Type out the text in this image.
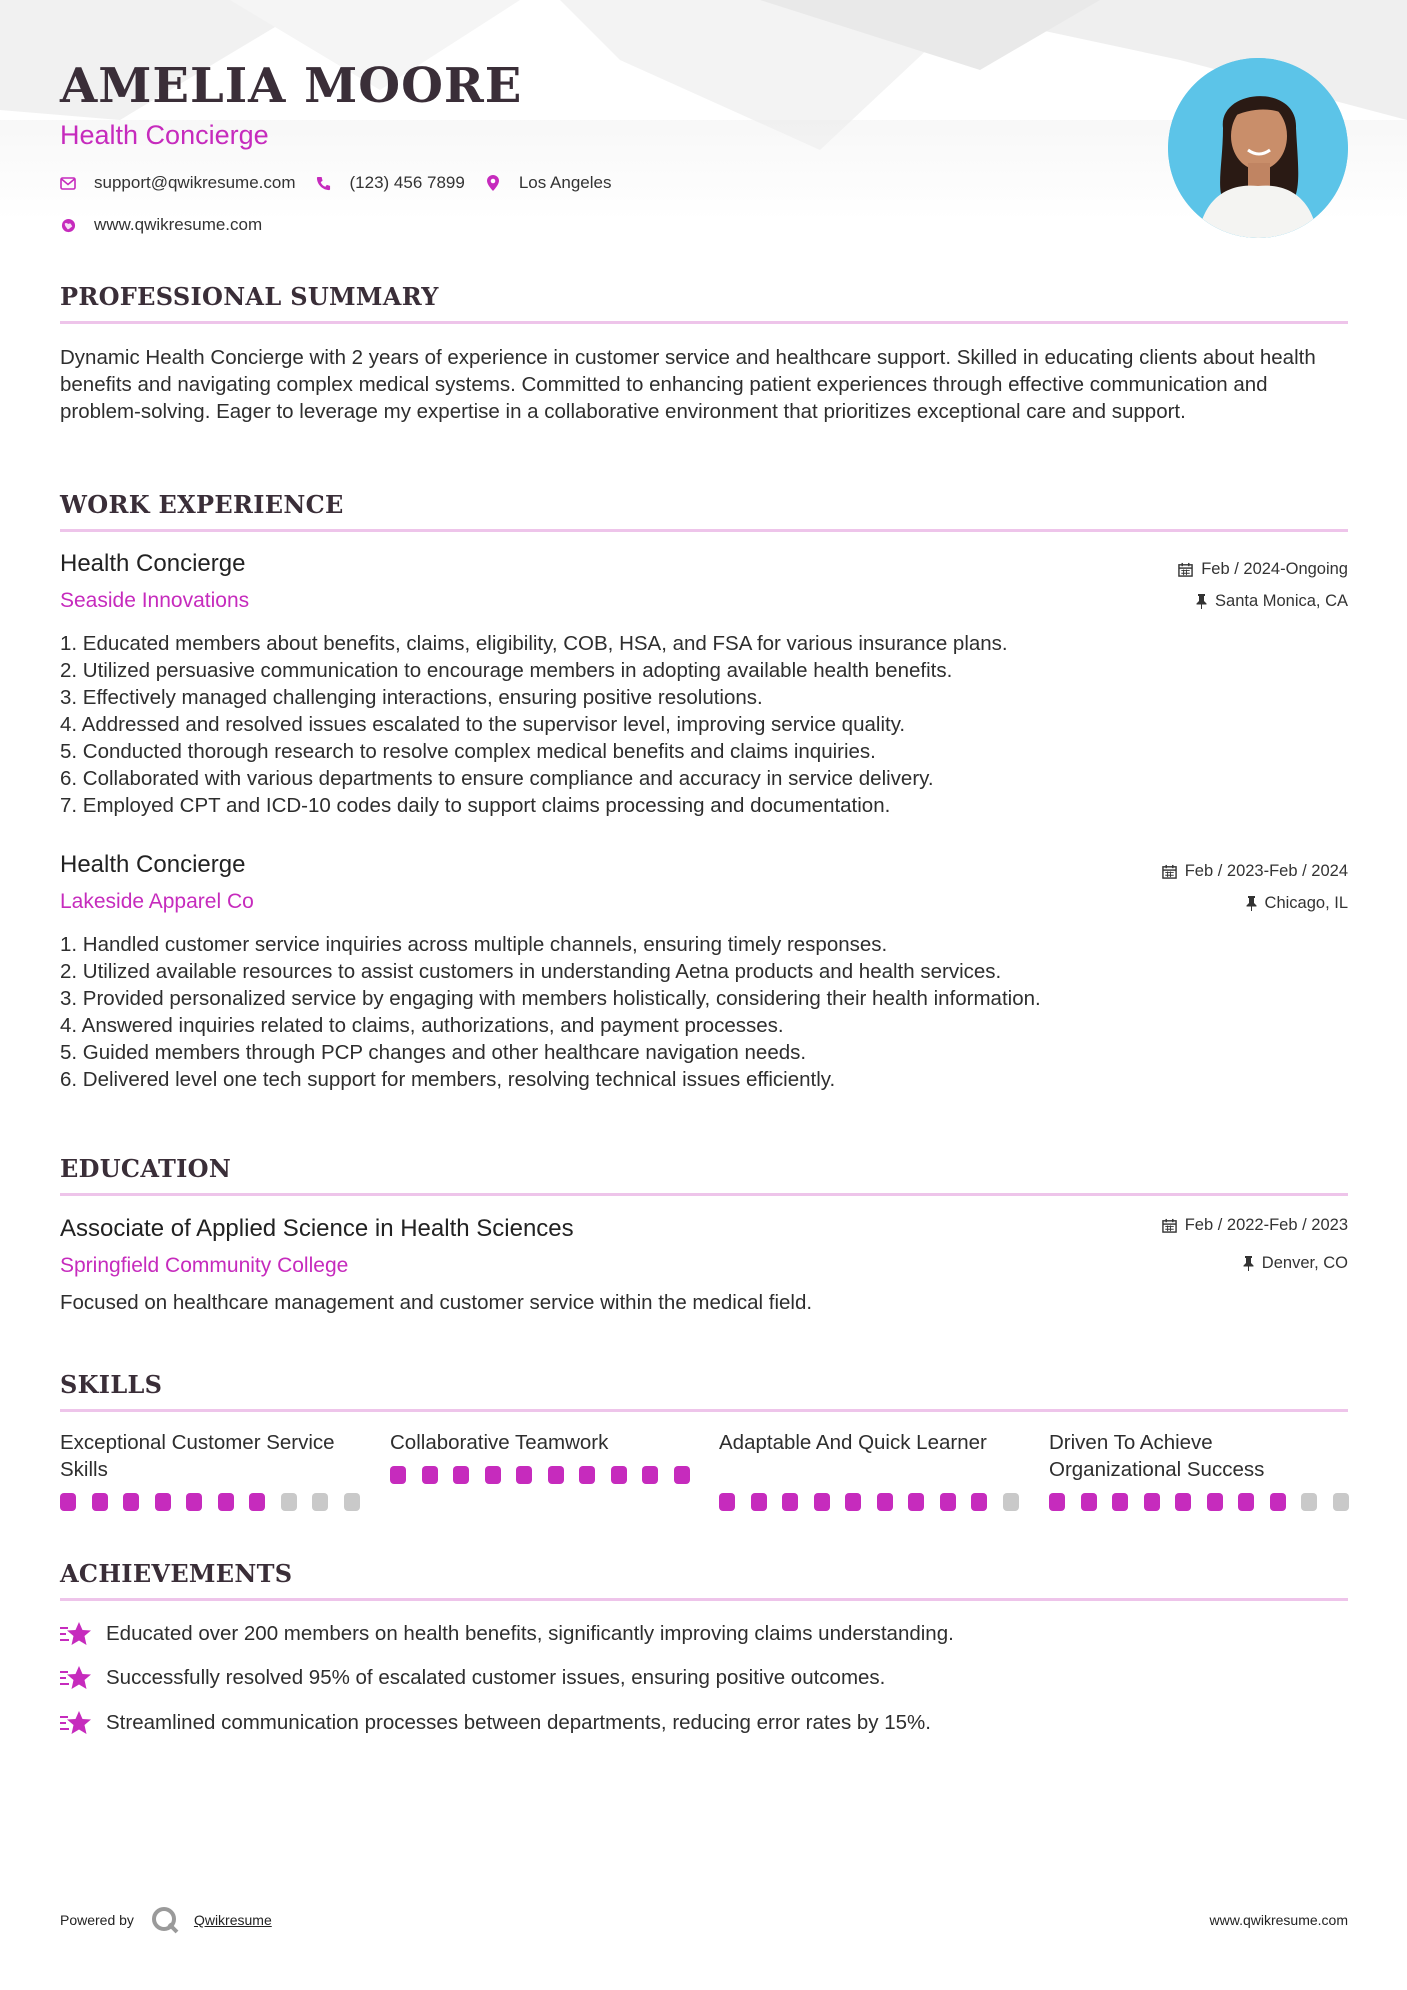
AMELIA MOORE
Health Concierge
support@qwikresume.com	(123) 456 7899	Los Angeles
www.qwikresume.com
PROFESSIONAL SUMMARY
Dynamic Health Concierge with 2 years of experience in customer service and healthcare support. Skilled in educating clients about health benefits and navigating complex medical systems. Committed to enhancing patient experiences through effective communication and problem-solving. Eager to leverage my expertise in a collaborative environment that prioritizes exceptional care and support.
WORK EXPERIENCE
Health Concierge
Seaside Innovations
Feb / 2024-Ongoing
Santa Monica, CA
1. Educated members about benefits, claims, eligibility, COB, HSA, and FSA for various insurance plans.
2. Utilized persuasive communication to encourage members in adopting available health benefits.
3. Effectively managed challenging interactions, ensuring positive resolutions.
4. Addressed and resolved issues escalated to the supervisor level, improving service quality.
5. Conducted thorough research to resolve complex medical benefits and claims inquiries.
6. Collaborated with various departments to ensure compliance and accuracy in service delivery.
7. Employed CPT and ICD-10 codes daily to support claims processing and documentation.
Health Concierge
Lakeside Apparel Co
Feb / 2023-Feb / 2024
Chicago, IL
1. Handled customer service inquiries across multiple channels, ensuring timely responses.
2. Utilized available resources to assist customers in understanding Aetna products and health services.
3. Provided personalized service by engaging with members holistically, considering their health information.
4. Answered inquiries related to claims, authorizations, and payment processes.
5. Guided members through PCP changes and other healthcare navigation needs.
6. Delivered level one tech support for members, resolving technical issues efficiently.
EDUCATION
Associate of Applied Science in Health Sciences
Springfield Community College
Feb / 2022-Feb / 2023
Denver, CO
Focused on healthcare management and customer service within the medical field.
SKILLS
Exceptional Customer Service Skills
Collaborative Teamwork	Adaptable And Quick Learner	Driven To Achieve Organizational Success
ACHIEVEMENTS
Educated over 200 members on health benefits, significantly improving claims understanding.
Successfully resolved 95% of escalated customer issues, ensuring positive outcomes.
Streamlined communication processes between departments, reducing error rates by 15%.
Powered by	Qwikresume	www.qwikresume.com
